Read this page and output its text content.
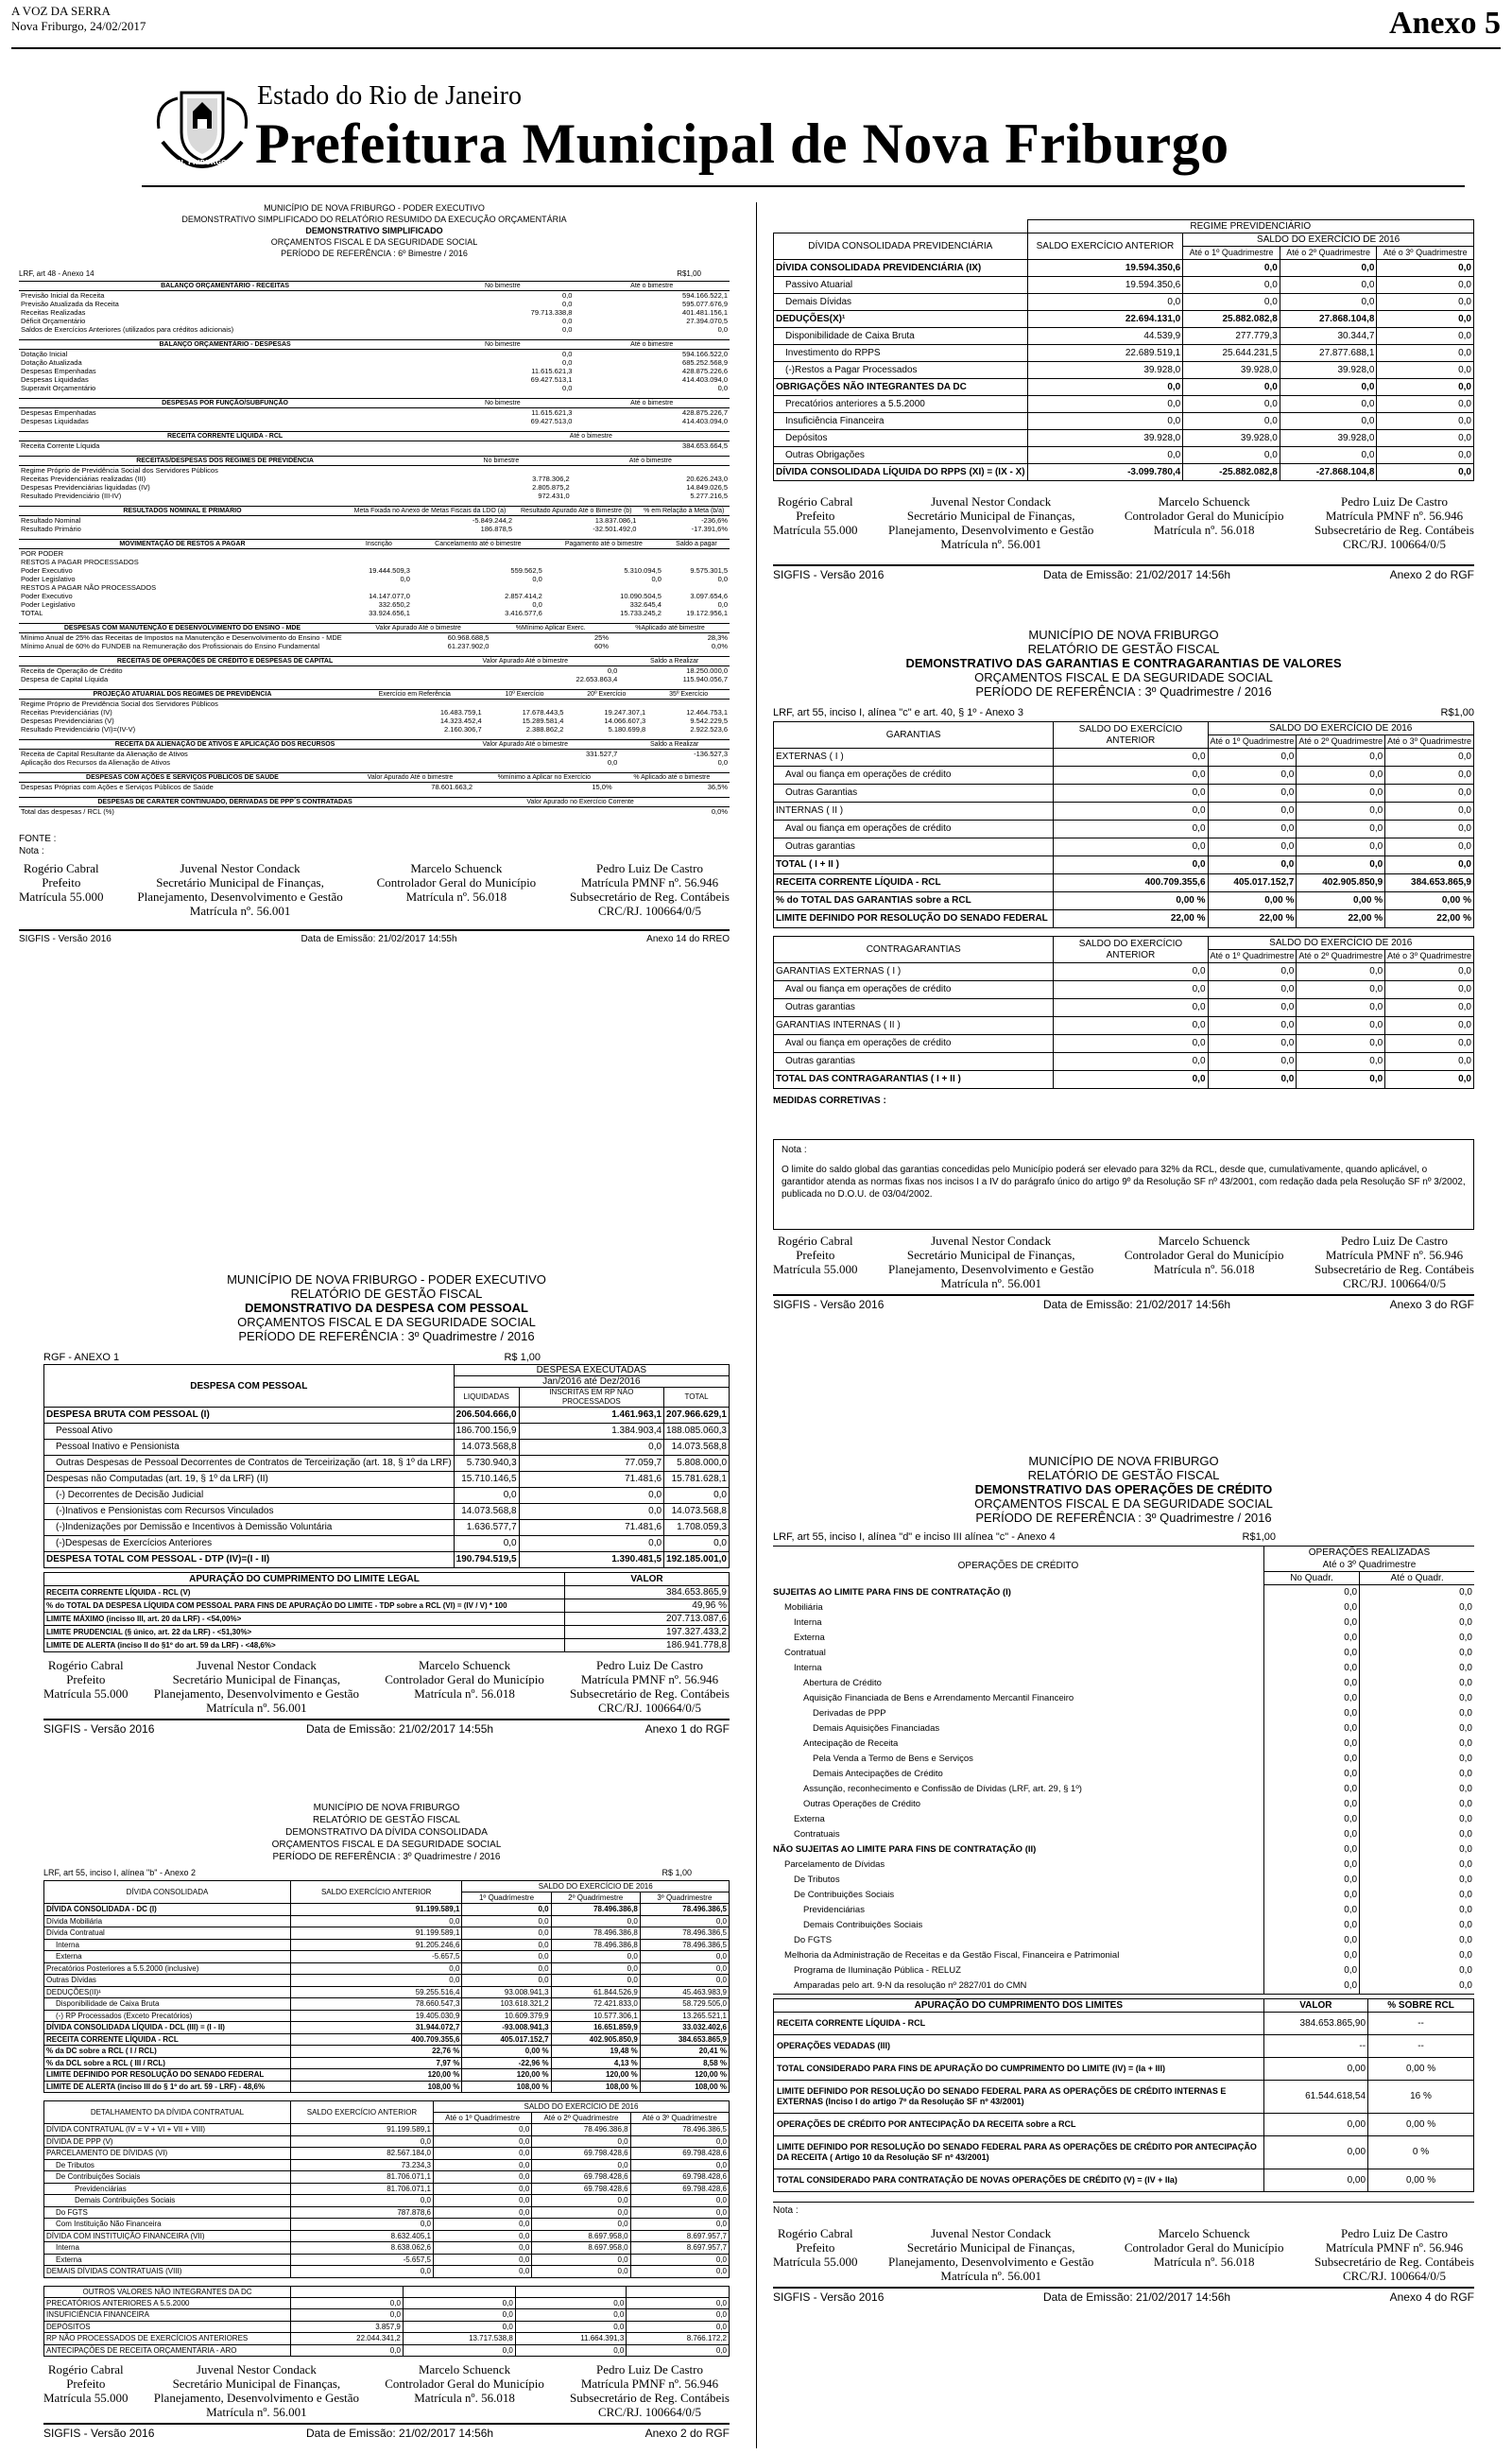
A VOZ DA SERRA
Nova Friburgo, 24/02/2017	Anexo 5
N. FRIBURGO
Estado do Rio de Janeiro
Prefeitura Municipal de Nova Friburgo
MUNICÍPIO DE NOVA FRIBURGO - PODER EXECUTIVO
DEMONSTRATIVO SIMPLIFICADO DO RELATÓRIO RESUMIDO DA EXECUÇÃO ORÇAMENTÁRIA
DEMONSTRATIVO SIMPLIFICADO
ORÇAMENTOS FISCAL E DA SEGURIDADE SOCIAL
PERÍODO DE REFERÊNCIA : 6º Bimestre / 2016
LRF, art 48 - Anexo 14	R$1,00
BALANÇO ORÇAMENTÁRIO - RECEITAS	No bimestre	Até o bimestre
Previsão Inicial da Receita	0,0	594.166.522,1
Previsão Atualizada da Receita	0,0	595.077.676,9
Receitas Realizadas	79.713.338,8	401.481.156,1
Déficit Orçamentário	0,0	27.394.070,5
Saldos de Exercícios Anteriores (utilizados para créditos adicionais)	0,0	0,0
BALANÇO ORÇAMENTÁRIO - DESPESAS	No bimestre	Até o bimestre
Dotação Inicial	0,0	594.166.522,0
Dotação Atualizada	0,0	685.252.568,9
Despesas Empenhadas	11.615.621,3	428.875.226,6
Despesas Liquidadas	69.427.513,1	414.403.094,0
Superavit Orçamentário	0,0	0,0
DESPESAS POR FUNÇÃO/SUBFUNÇÃO	No bimestre	Até o bimestre
Despesas Empenhadas	11.615.621,3	428.875.226,7
Despesas Liquidadas	69.427.513,0	414.403.094,0
RECEITA CORRENTE LÍQUIDA - RCL		Até o bimestre
Receita Corrente Líquida		384.653.664,5
RECEITAS/DESPESAS DOS REGIMES DE PREVIDÊNCIA	No bimestre	Até o bimestre
Regime Próprio de Previdência Social dos Servidores Públicos		
Receitas Previdenciárias realizadas (III)	3.778.306,2	20.626.243,0
Despesas Previdenciárias liquidadas (IV)	2.805.875,2	14.849.026,5
Resultado Previdenciário (III-IV)	972.431,0	5.277.216,5
RESULTADOS NOMINAL E PRIMÁRIO	Meta Fixada no Anexo de Metas Fiscais da LDO (a)	Resultado Apurado Até o Bimestre (b)	% em Relação à Meta (b/a)
Resultado Nominal	-5.849.244,2	13.837.086,1	-236,6%
Resultado Primário	186.878,5	-32.501.492,0	-17.391,6%
MOVIMENTAÇÃO DE RESTOS A PAGAR	Inscrição	Cancelamento até o bimestre	Pagamento até o bimestre	Saldo a pagar
POR PODER				
RESTOS A PAGAR PROCESSADOS				
Poder Executivo	19.444.509,3	559.562,5	5.310.094,5	9.575.301,5
Poder Legislativo	0,0	0,0	0,0	0,0
RESTOS A PAGAR NÃO PROCESSADOS				
Poder Executivo	14.147.077,0	2.857.414,2	10.090.504,5	3.097.654,6
Poder Legislativo	332.650,2	0,0	332.645,4	0,0
TOTAL	33.924.656,1	3.416.577,6	15.733.245,2	19.172.956,1
DESPESAS COM MANUTENÇÃO E DESENVOLVIMENTO DO ENSINO - MDE	Valor Apurado Até o bimestre	%Mínimo Aplicar Exerc.	%Aplicado até bimestre
Mínimo Anual de 25% das Receitas de Impostos na Manutenção e Desenvolvimento do Ensino - MDE	60.968.688,5	25%	28,3%
Mínimo Anual de 60% do FUNDEB na Remuneração dos Profissionais do Ensino Fundamental	61.237.902,0	60%	0,0%
RECEITAS DE OPERAÇÕES DE CRÉDITO E DESPESAS DE CAPITAL	Valor Apurado Até o bimestre	Saldo a Realizar
Receita de Operação de Crédito	0,0	18.250.000,0
Despesa de Capital Líquida	22.653.863,4	115.940.056,7
PROJEÇÃO ATUARIAL DOS REGIMES DE PREVIDÊNCIA	Exercício em Referência	10º Exercício	20º Exercício	35º Exercício
Regime Próprio de Previdência Social dos Servidores Públicos				
Receitas Previdenciárias (IV)	16.483.759,1	17.678.443,5	19.247.307,1	12.464.753,1
Despesas Previdenciárias (V)	14.323.452,4	15.289.581,4	14.066.607,3	9.542.229,5
Resultado Previdenciário (VI)=(IV-V)	2.160.306,7	2.388.862,2	5.180.699,8	2.922.523,6
RECEITA DA ALIENAÇÃO DE ATIVOS E APLICAÇÃO DOS RECURSOS	Valor Apurado Até o bimestre	Saldo a Realizar
Receita de Capital Resultante da Alienação de Ativos	331.527,7	-136.527,3
Aplicação dos Recursos da Alienação de Ativos	0,0	0,0
DESPESAS COM AÇÕES E SERVIÇOS PÚBLICOS DE SAÚDE	Valor Apurado Até o bimestre	%mínimo a Aplicar no Exercício	% Aplicado até o bimestre
Despesas Próprias com Ações e Serviços Públicos de Saúde	78.601.663,2	15,0%	36,5%
DESPESAS DE CARÁTER CONTINUADO, DERIVADAS DE PPP´S CONTRATADAS	Valor Apurado no Exercício Corrente
Total das despesas / RCL (%)	0,0%
FONTE :
Nota :
Rogério Cabral
Prefeito
Matrícula 55.000
Juvenal Nestor Condack
Secretário Municipal de Finanças,
Planejamento, Desenvolvimento e Gestão
Matrícula nº. 56.001
Marcelo Schuenck
Controlador Geral do Município
Matrícula nº. 56.018
Pedro Luiz De Castro
Matrícula PMNF nº. 56.946
Subsecretário de Reg. Contábeis
CRC/RJ. 100664/0/5
SIGFIS - Versão 2016	Data de Emissão: 21/02/2017 14:55h	Anexo 14 do RREO
MUNICÍPIO DE NOVA FRIBURGO - PODER EXECUTIVO
RELATÓRIO DE GESTÃO FISCAL
DEMONSTRATIVO DA DESPESA COM PESSOAL
ORÇAMENTOS FISCAL E DA SEGURIDADE SOCIAL
PERÍODO DE REFERÊNCIA : 3º Quadrimestre / 2016
RGF - ANEXO 1	R$ 1,00
DESPESA COM PESSOAL	DESPESA EXECUTADAS		
	Jan/2016 até Dez/2016		
	LIQUIDADAS	INSCRITAS EM RP NÃO PROCESSADOS	TOTAL
DESPESA BRUTA COM PESSOAL (I)	206.504.666,0	1.461.963,1	207.966.629,1
Pessoal Ativo	186.700.156,9	1.384.903,4	188.085.060,3
Pessoal Inativo e Pensionista	14.073.568,8	0,0	14.073.568,8
Outras Despesas de Pessoal Decorrentes de Contratos de Terceirização (art. 18, § 1º da LRF)	5.730.940,3	77.059,7	5.808.000,0
Despesas não Computadas (art. 19, § 1º da LRF) (II)	15.710.146,5	71.481,6	15.781.628,1
(-) Decorrentes de Decisão Judicial	0,0	0,0	0,0
(-)Inativos e Pensionistas com Recursos Vinculados	14.073.568,8	0,0	14.073.568,8
(-)Indenizações por Demissão e Incentivos à Demissão Voluntária	1.636.577,7	71.481,6	1.708.059,3
(-)Despesas de Exercícios Anteriores	0,0	0,0	0,0
DESPESA TOTAL COM PESSOAL - DTP (IV)=(I - II)	190.794.519,5	1.390.481,5	192.185.001,0
APURAÇÃO DO CUMPRIMENTO DO LIMITE LEGAL	VALOR
RECEITA CORRENTE LÍQUIDA - RCL (V)	384.653.865,9
% do TOTAL DA DESPESA LÍQUIDA COM PESSOAL PARA FINS DE APURAÇÃO DO LIMITE - TDP sobre a RCL (VI) = (IV / V) * 100	49,96 %
LIMITE MÁXIMO (incisso III, art. 20 da LRF) - <54,00%>	207.713.087,6
LIMITE PRUDENCIAL (§ único, art. 22 da LRF) - <51,30%>	197.327.433,2
LIMITE DE ALERTA (inciso II do §1º do art. 59 da LRF) - <48,6%>	186.941.778,8
Rogério Cabral
Prefeito
Matrícula 55.000
Juvenal Nestor Condack
Secretário Municipal de Finanças,
Planejamento, Desenvolvimento e Gestão
Matrícula nº. 56.001
Marcelo Schuenck
Controlador Geral do Município
Matrícula nº. 56.018
Pedro Luiz De Castro
Matrícula PMNF nº. 56.946
Subsecretário de Reg. Contábeis
CRC/RJ. 100664/0/5
SIGFIS - Versão 2016	Data de Emissão: 21/02/2017 14:55h	Anexo 1 do RGF
MUNICÍPIO DE NOVA FRIBURGO
RELATÓRIO DE GESTÃO FISCAL
DEMONSTRATIVO DA DÍVIDA CONSOLIDADA
ORÇAMENTOS FISCAL E DA SEGURIDADE SOCIAL
PERÍODO DE REFERÊNCIA : 3º Quadrimestre / 2016
LRF, art 55, inciso I, alínea "b" - Anexo 2	R$ 1,00
DÍVIDA CONSOLIDADA	SALDO EXERCÍCIO ANTERIOR	SALDO DO EXERCÍCIO DE 2016		
		1º Quadrimestre	2º Quadrimestre	3º Quadrimestre
DÍVIDA CONSOLIDADA - DC (I)	91.199.589,1	0,0	78.496.386,8	78.496.386,5
Dívida Mobiliária	0,0	0,0	0,0	0,0
Dívida Contratual	91.199.589,1	0,0	78.496.386,8	78.496.386,5
Interna	91.205.246,6	0,0	78.496.386,8	78.496.386,5
Externa	-5.657,5	0,0	0,0	0,0
Precatórios Posteriores a 5.5.2000 (inclusive)	0,0	0,0	0,0	0,0
Outras Dívidas	0,0	0,0	0,0	0,0
DEDUÇÕES(II)¹	59.255.516,4	93.008.941,3	61.844.526,9	45.463.983,9
Disponibilidade de Caixa Bruta	78.660.547,3	103.618.321,2	72.421.833,0	58.729.505,0
(-) RP Processados (Exceto Precatórios)	19.405.030,9	10.609.379,9	10.577.306,1	13.265.521,1
DÍVIDA CONSOLIDADA LÍQUIDA - DCL (III) = (I - II)	31.944.072,7	-93.008.941,3	16.651.859,9	33.032.402,6
RECEITA CORRENTE LÍQUIDA - RCL	400.709.355,6	405.017.152,7	402.905.850,9	384.653.865,9
% da DC sobre a RCL ( I / RCL)	22,76 %	0,00 %	19,48 %	20,41 %
% da DCL sobre a RCL ( III / RCL)	7,97 %	-22,96 %	4,13 %	8,58 %
LIMITE DEFINIDO POR RESOLUÇÃO DO SENADO FEDERAL	120,00 %	120,00 %	120,00 %	120,00 %
LIMITE DE ALERTA (inciso III do § 1º do art. 59 - LRF) - 48,6%	108,00 %	108,00 %	108,00 %	108,00 %
DETALHAMENTO DA DÍVIDA CONTRATUAL	SALDO EXERCÍCIO ANTERIOR	SALDO DO EXERCÍCIO DE 2016		
		Até o 1º Quadrimestre	Até o 2º Quadrimestre	Até o 3º Quadrimestre
DÍVIDA CONTRATUAL (IV = V + VI + VII + VIII)	91.199.589,1	0,0	78.496.386,8	78.496.386,5
DÍVIDA DE PPP (V)	0,0	0,0	0,0	0,0
PARCELAMENTO DE DÍVIDAS (VI)	82.567.184,0	0,0	69.798.428,6	69.798.428,6
De Tributos	73.234,3	0,0	0,0	0,0
De Contribuições Sociais	81.706.071,1	0,0	69.798.428,6	69.798.428,6
Previdenciárias	81.706.071,1	0,0	69.798.428,6	69.798.428,6
Demais Contribuições Sociais	0,0	0,0	0,0	0,0
Do FGTS	787.878,6	0,0	0,0	0,0
Com Instituição Não Financeira	0,0	0,0	0,0	0,0
DÍVIDA COM INSTITUIÇÃO FINANCEIRA (VII)	8.632.405,1	0,0	8.697.958,0	8.697.957,7
Interna	8.638.062,6	0,0	8.697.958,0	8.697.957,7
Externa	-5.657,5	0,0	0,0	0,0
DEMAIS DÍVIDAS CONTRATUAIS (VIII)	0,0	0,0	0,0	0,0
OUTROS VALORES NÃO INTEGRANTES DA DC				
PRECATÓRIOS ANTERIORES A 5.5.2000	0,0	0,0	0,0	0,0
INSUFICIÊNCIA FINANCEIRA	0,0	0,0	0,0	0,0
DEPÓSITOS	3.857,9	0,0	0,0	0,0
RP NÃO PROCESSADOS DE EXERCÍCIOS ANTERIORES	22.044.341,2	13.717.538,8	11.664.391,3	8.766.172,2
ANTECIPAÇÕES DE RECEITA ORÇAMENTÁRIA - ARO	0,0	0,0	0,0	0,0
Rogério Cabral
Prefeito
Matrícula 55.000
Juvenal Nestor Condack
Secretário Municipal de Finanças,
Planejamento, Desenvolvimento e Gestão
Matrícula nº. 56.001
Marcelo Schuenck
Controlador Geral do Município
Matrícula nº. 56.018
Pedro Luiz De Castro
Matrícula PMNF nº. 56.946
Subsecretário de Reg. Contábeis
CRC/RJ. 100664/0/5
SIGFIS - Versão 2016	Data de Emissão: 21/02/2017 14:56h	Anexo 2 do RGF
	REGIME PREVIDENCIÁRIO			
DÍVIDA CONSOLIDADA PREVIDENCIÁRIA	SALDO EXERCÍCIO ANTERIOR	SALDO DO EXERCÍCIO DE 2016		
		Até o 1º Quadrimestre	Até o 2º Quadrimestre	Até o 3º Quadrimestre
DÍVIDA CONSOLIDADA PREVIDENCIÁRIA (IX)	19.594.350,6	0,0	0,0	0,0
Passivo Atuarial	19.594.350,6	0,0	0,0	0,0
Demais Dívidas	0,0	0,0	0,0	0,0
DEDUÇÕES(X)¹	22.694.131,0	25.882.082,8	27.868.104,8	0,0
Disponibilidade de Caixa Bruta	44.539,9	277.779,3	30.344,7	0,0
Investimento do RPPS	22.689.519,1	25.644.231,5	27.877.688,1	0,0
(-)Restos a Pagar Processados	39.928,0	39.928,0	39.928,0	0,0
OBRIGAÇÕES NÃO INTEGRANTES DA DC	0,0	0,0	0,0	0,0
Precatórios anteriores a 5.5.2000	0,0	0,0	0,0	0,0
Insuficiência Financeira	0,0	0,0	0,0	0,0
Depósitos	39.928,0	39.928,0	39.928,0	0,0
Outras Obrigações	0,0	0,0	0,0	0,0
DÍVIDA CONSOLIDADA LÍQUIDA DO RPPS (XI) = (IX - X)	-3.099.780,4	-25.882.082,8	-27.868.104,8	0,0
Rogério Cabral
Prefeito
Matrícula 55.000
Juvenal Nestor Condack
Secretário Municipal de Finanças,
Planejamento, Desenvolvimento e Gestão
Matrícula nº. 56.001
Marcelo Schuenck
Controlador Geral do Município
Matrícula nº. 56.018
Pedro Luiz De Castro
Matrícula PMNF nº. 56.946
Subsecretário de Reg. Contábeis
CRC/RJ. 100664/0/5
SIGFIS - Versão 2016	Data de Emissão: 21/02/2017 14:56h	Anexo 2 do RGF
MUNICÍPIO DE NOVA FRIBURGO
RELATÓRIO DE GESTÃO FISCAL
DEMONSTRATIVO DAS GARANTIAS E CONTRAGARANTIAS DE VALORES
ORÇAMENTOS FISCAL E DA SEGURIDADE SOCIAL
PERÍODO DE REFERÊNCIA : 3º Quadrimestre / 2016
LRF, art 55, inciso I, alínea "c" e art. 40, § 1º - Anexo 3	R$1,00
GARANTIAS	SALDO DO EXERCÍCIO ANTERIOR	SALDO DO EXERCÍCIO DE 2016		
		Até o 1º Quadrimestre	Até o 2º Quadrimestre	Até o 3º Quadrimestre
EXTERNAS ( I )	0,0	0,0	0,0	0,0
Aval ou fiança em operações de crédito	0,0	0,0	0,0	0,0
Outras Garantias	0,0	0,0	0,0	0,0
INTERNAS ( II )	0,0	0,0	0,0	0,0
Aval ou fiança em operações de crédito	0,0	0,0	0,0	0,0
Outras garantias	0,0	0,0	0,0	0,0
TOTAL ( I + II )	0,0	0,0	0,0	0,0
RECEITA CORRENTE LÍQUIDA - RCL	400.709.355,6	405.017.152,7	402.905.850,9	384.653.865,9
% do TOTAL DAS GARANTIAS sobre a RCL	0,00 %	0,00 %	0,00 %	0,00 %
LIMITE DEFINIDO POR RESOLUÇÃO DO SENADO FEDERAL	22,00 %	22,00 %	22,00 %	22,00 %
CONTRAGARANTIAS	SALDO DO EXERCÍCIO ANTERIOR	SALDO DO EXERCÍCIO DE 2016		
		Até o 1º Quadrimestre	Até o 2º Quadrimestre	Até o 3º Quadrimestre
GARANTIAS EXTERNAS ( I )	0,0	0,0	0,0	0,0
Aval ou fiança em operações de crédito	0,0	0,0	0,0	0,0
Outras garantias	0,0	0,0	0,0	0,0
GARANTIAS INTERNAS ( II )	0,0	0,0	0,0	0,0
Aval ou fiança em operações de crédito	0,0	0,0	0,0	0,0
Outras garantias	0,0	0,0	0,0	0,0
TOTAL DAS CONTRAGARANTIAS ( I + II )	0,0	0,0	0,0	0,0
MEDIDAS CORRETIVAS :
Nota :
O limite do saldo global das garantias concedidas pelo Município poderá ser elevado para 32% da RCL, desde que, cumulativamente, quando aplicável, o garantidor atenda as normas fixas nos incisos I a IV do parágrafo único do artigo 9º da Resolução SF nº 43/2001, com redação dada pela Resolução SF nº 3/2002, publicada no D.O.U. de 03/04/2002.
Rogério Cabral
Prefeito
Matrícula 55.000
Juvenal Nestor Condack
Secretário Municipal de Finanças,
Planejamento, Desenvolvimento e Gestão
Matrícula nº. 56.001
Marcelo Schuenck
Controlador Geral do Município
Matrícula nº. 56.018
Pedro Luiz De Castro
Matrícula PMNF nº. 56.946
Subsecretário de Reg. Contábeis
CRC/RJ. 100664/0/5
SIGFIS - Versão 2016	Data de Emissão: 21/02/2017 14:56h	Anexo 3 do RGF
MUNICÍPIO DE NOVA FRIBURGO
RELATÓRIO DE GESTÃO FISCAL
DEMONSTRATIVO DAS OPERAÇÕES DE CRÉDITO
ORÇAMENTOS FISCAL E DA SEGURIDADE SOCIAL
PERÍODO DE REFERÊNCIA : 3º Quadrimestre / 2016
LRF, art 55, inciso I, alínea "d" e inciso III alínea "c" - Anexo 4	R$1,00
OPERAÇÕES DE CRÉDITO	OPERAÇÕES REALIZADAS	
	Até o 3º Quadrimestre	
	No Quadr.	Até o Quadr.
SUJEITAS AO LIMITE PARA FINS DE CONTRATAÇÃO (I)	0,0	0,0
Mobiliária	0,0	0,0
Interna	0,0	0,0
Externa	0,0	0,0
Contratual	0,0	0,0
Interna	0,0	0,0
Abertura de Crédito	0,0	0,0
Aquisição Financiada de Bens e Arrendamento Mercantil Financeiro	0,0	0,0
Derivadas de PPP	0,0	0,0
Demais Aquisições Financiadas	0,0	0,0
Antecipação de Receita	0,0	0,0
Pela Venda a Termo de Bens e Serviços	0,0	0,0
Demais Antecipações de Crédito	0,0	0,0
Assunção, reconhecimento e Confissão de Dívidas (LRF, art. 29, § 1º)	0,0	0,0
Outras Operações de Crédito	0,0	0,0
Externa	0,0	0,0
Contratuais	0,0	0,0
NÃO SUJEITAS AO LIMITE PARA FINS DE CONTRATAÇÃO (II)	0,0	0,0
Parcelamento de Dívidas	0,0	0,0
De Tributos	0,0	0,0
De Contribuições Sociais	0,0	0,0
Previdenciárias	0,0	0,0
Demais Contribuições Sociais	0,0	0,0
Do FGTS	0,0	0,0
Melhoria da Administração de Receitas e da Gestão Fiscal, Financeira e Patrimonial	0,0	0,0
Programa de Iluminação Pública - RELUZ	0,0	0,0
Amparadas pelo art. 9-N da resolução nº 2827/01 do CMN	0,0	0,0
APURAÇÃO DO CUMPRIMENTO DOS LIMITES	VALOR	% SOBRE RCL
RECEITA CORRENTE LÍQUIDA - RCL	384.653.865,90	--
OPERAÇÕES VEDADAS (III)	--	--
TOTAL CONSIDERADO PARA FINS DE APURAÇÃO DO CUMPRIMENTO DO LIMITE (IV) = (Ia + III)	0,00	0,00 %
LIMITE DEFINIDO POR RESOLUÇÃO DO SENADO FEDERAL PARA AS OPERAÇÕES DE CRÉDITO INTERNAS E EXTERNAS (Inciso I do artigo 7º da Resolução SF nº 43/2001)	61.544.618,54	16 %
OPERAÇÕES DE CRÉDITO POR ANTECIPAÇÃO DA RECEITA sobre a RCL	0,00	0,00 %
LIMITE DEFINIDO POR RESOLUÇÃO DO SENADO FEDERAL PARA AS OPERAÇÕES DE CRÉDITO POR ANTECIPAÇÃO DA RECEITA ( Artigo 10 da Resolução SF nº 43/2001)	0,00	0 %
TOTAL CONSIDERADO PARA CONTRATAÇÃO DE NOVAS OPERAÇÕES DE CRÉDITO (V) = (IV + IIa)	0,00	0,00 %
Nota :
Rogério Cabral
Prefeito
Matrícula 55.000
Juvenal Nestor Condack
Secretário Municipal de Finanças,
Planejamento, Desenvolvimento e Gestão
Matrícula nº. 56.001
Marcelo Schuenck
Controlador Geral do Município
Matrícula nº. 56.018
Pedro Luiz De Castro
Matrícula PMNF nº. 56.946
Subsecretário de Reg. Contábeis
CRC/RJ. 100664/0/5
SIGFIS - Versão 2016	Data de Emissão: 21/02/2017 14:56h	Anexo 4 do RGF
